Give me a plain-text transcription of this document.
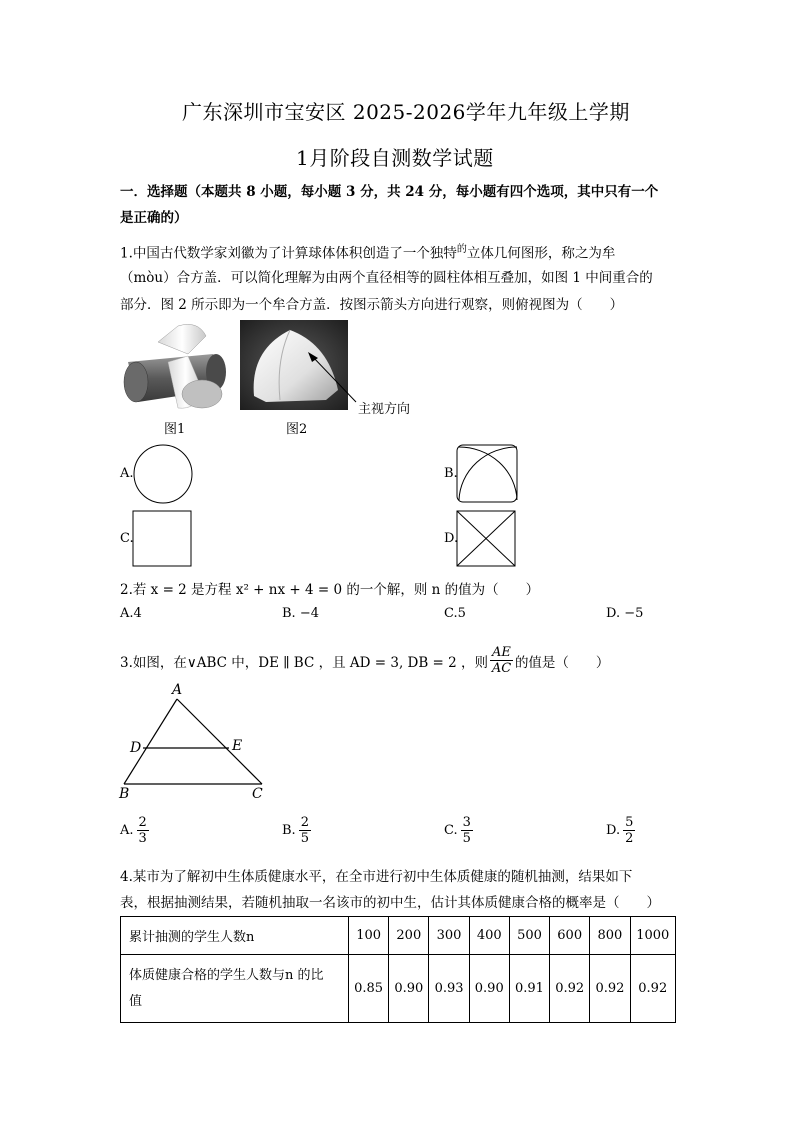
广东深圳市宝安区 2025-2026学年九年级上学期
1月阶段自测数学试题
一．选择题（本题共 8 小题，每小题 3 分，共 24 分，每小题有四个选项，其中只有一个
是正确的）
1.中国古代数学家刘徽为了计算球体体积创造了一个独特$^的$立体几何图形，称之为牟
（mòu）合方盖．可以简化理解为由两个直径相等的圆柱体相互叠加，如图 1 中间重合的
部分．图 2 所示即为一个牟合方盖．按图示箭头方向进行观察，则俯视图为（　　）
图1
主视方向
图2
A.	B.
C.	D.
2.若 x = 2 是方程 x² + nx + 4 = 0 的一个解，则 n 的值为（　　）
A.4	B. −4	C.5	D. −5
3.如图，在∨ABC 中，DE ∥ BC ，且 AD = 3, DB = 2 ，则 $\frac{AE}{AC}$ 的值是（　　）
A
D	E
B	C
A. $\frac{2}{3}$	B. $\frac{2}{5}$	C. $\frac{3}{5}$	D. $\frac{5}{2}$
4.某市为了解初中生体质健康水平，在全市进行初中生体质健康的随机抽测，结果如下
表，根据抽测结果，若随机抽取一名该市的初中生，估计其体质健康合格的概率是（　　）
累计抽测的学生人数n	100	200	300	400	500	600	800	1000

体质健康合格的学生人数与n 的比
值	0.85	0.90	0.93	0.90	0.91	0.92	0.92	0.92
